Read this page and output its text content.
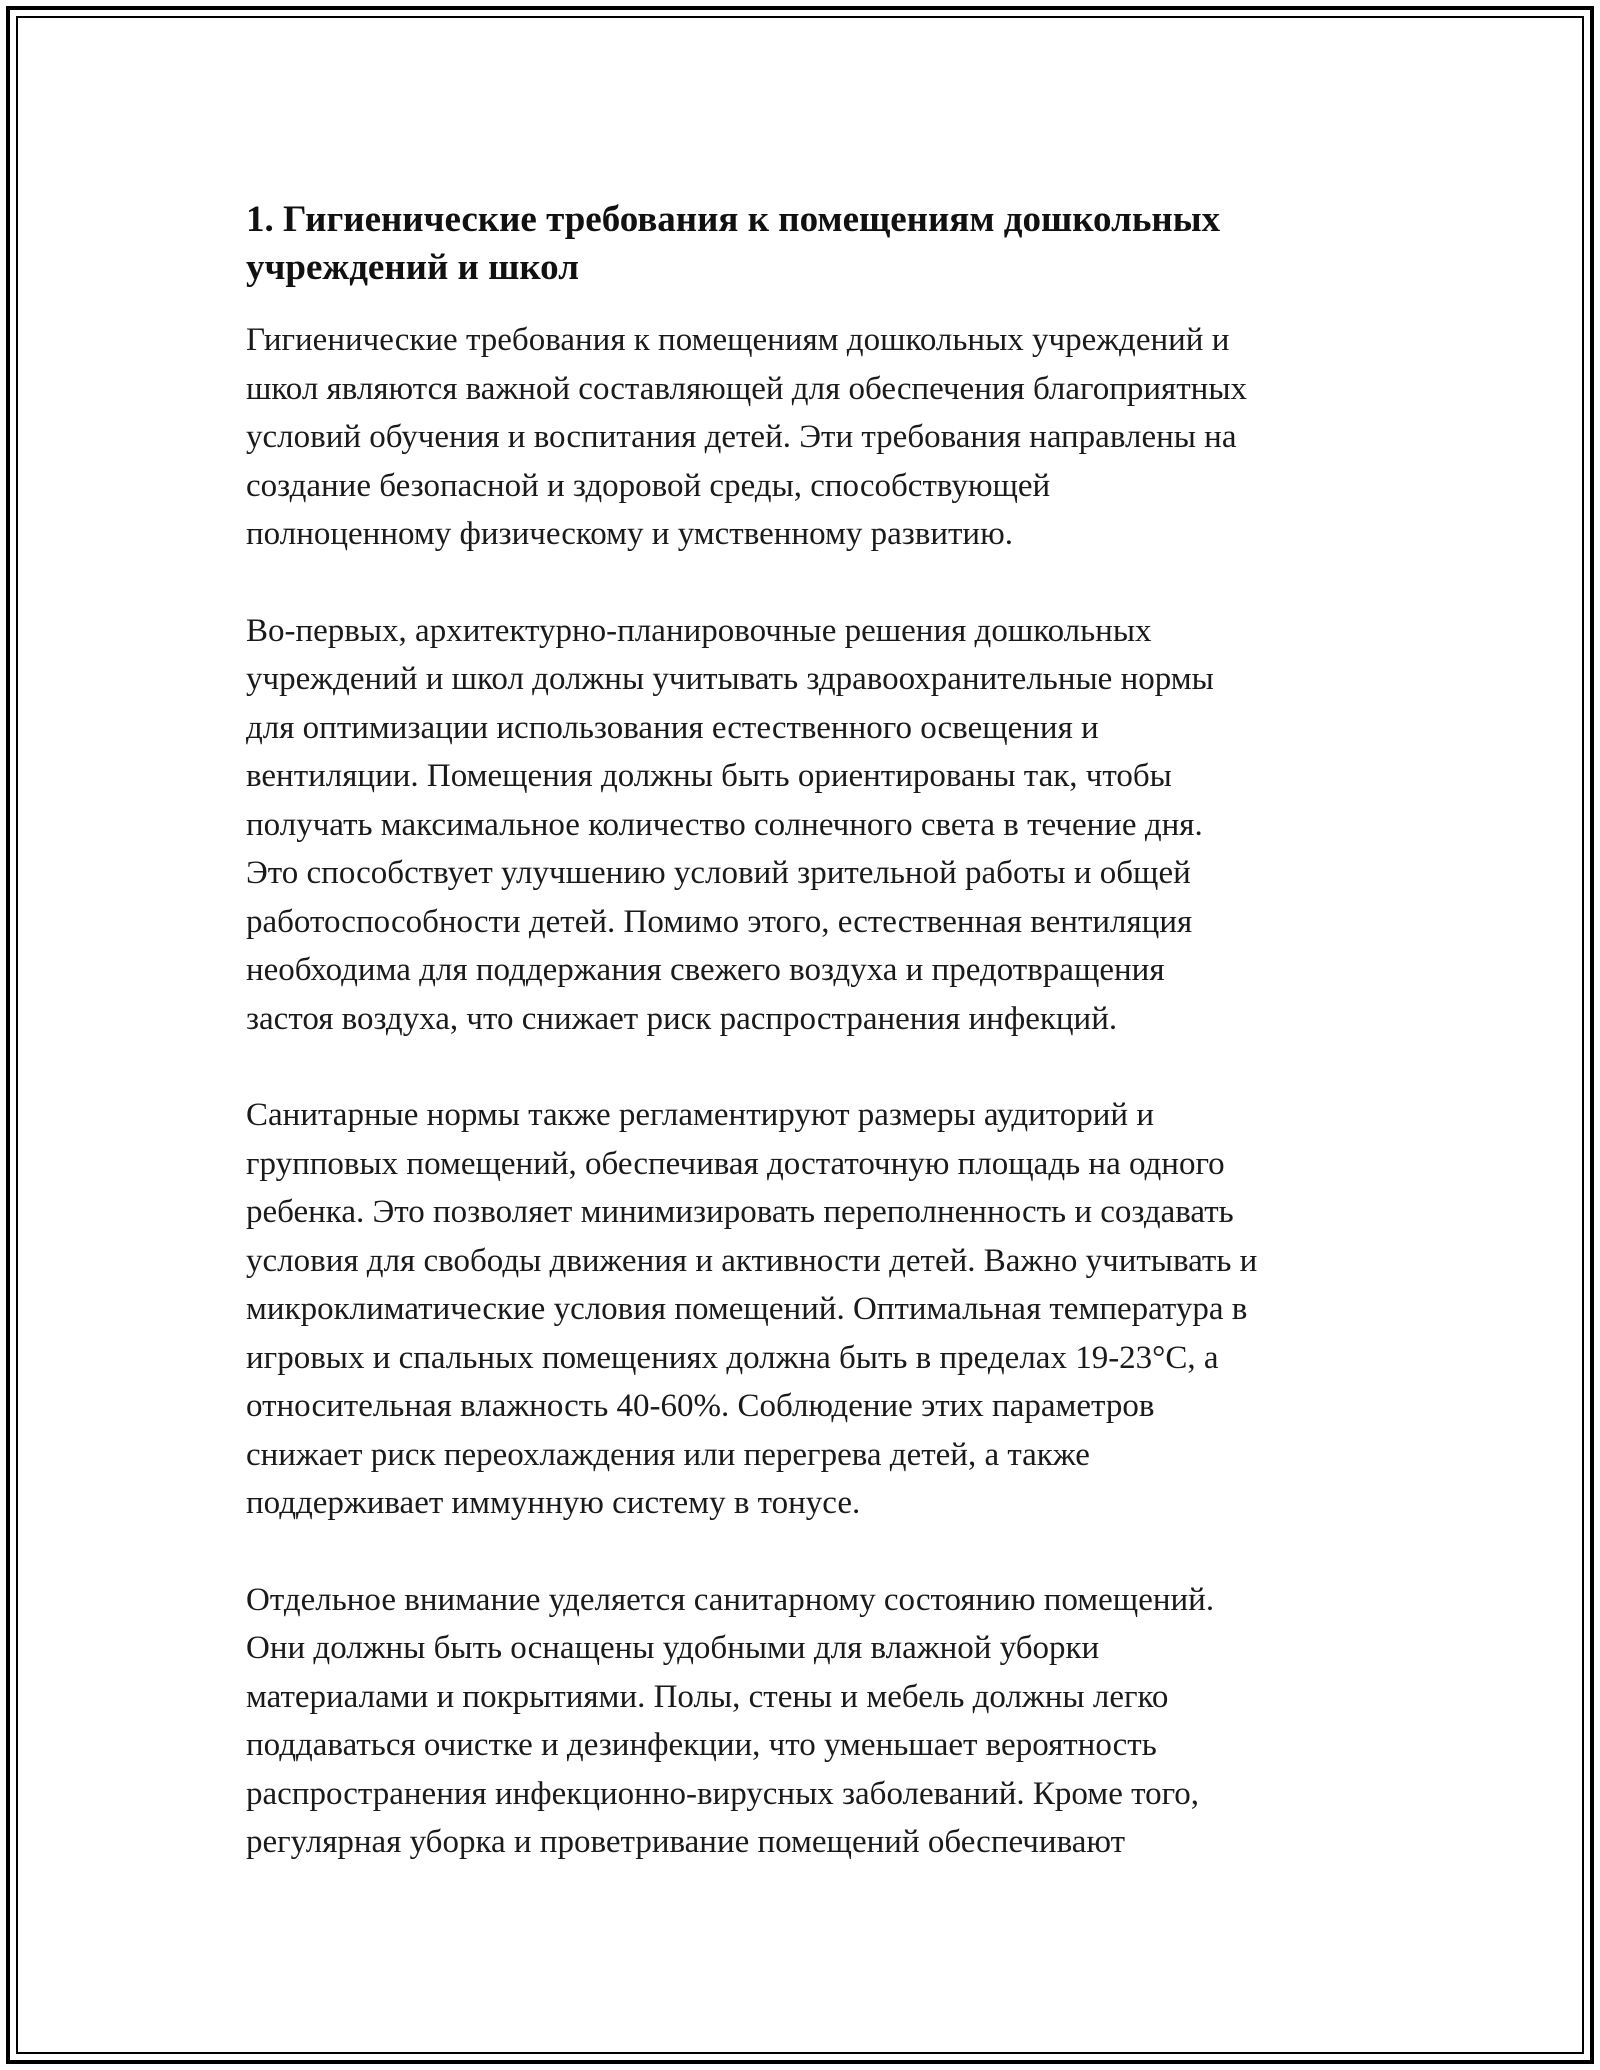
1. Гигиенические требования к помещениям дошкольных
учреждений и школ

Гигиенические требования к помещениям дошкольных учреждений и
школ являются важной составляющей для обеспечения благоприятных
условий обучения и воспитания детей. Эти требования направлены на
создание безопасной и здоровой среды, способствующей
полноценному физическому и умственному развитию.

Во-первых, архитектурно-планировочные решения дошкольных
учреждений и школ должны учитывать здравоохранительные нормы
для оптимизации использования естественного освещения и
вентиляции. Помещения должны быть ориентированы так, чтобы
получать максимальное количество солнечного света в течение дня.
Это способствует улучшению условий зрительной работы и общей
работоспособности детей. Помимо этого, естественная вентиляция
необходима для поддержания свежего воздуха и предотвращения
застоя воздуха, что снижает риск распространения инфекций.

Санитарные нормы также регламентируют размеры аудиторий и
групповых помещений, обеспечивая достаточную площадь на одного
ребенка. Это позволяет минимизировать переполненность и создавать
условия для свободы движения и активности детей. Важно учитывать и
микроклиматические условия помещений. Оптимальная температура в
игровых и спальных помещениях должна быть в пределах 19-23°C, а
относительная влажность 40-60%. Соблюдение этих параметров
снижает риск переохлаждения или перегрева детей, а также
поддерживает иммунную систему в тонусе.

Отдельное внимание уделяется санитарному состоянию помещений.
Они должны быть оснащены удобными для влажной уборки
материалами и покрытиями. Полы, стены и мебель должны легко
поддаваться очистке и дезинфекции, что уменьшает вероятность
распространения инфекционно-вирусных заболеваний. Кроме того,
регулярная уборка и проветривание помещений обеспечивают
